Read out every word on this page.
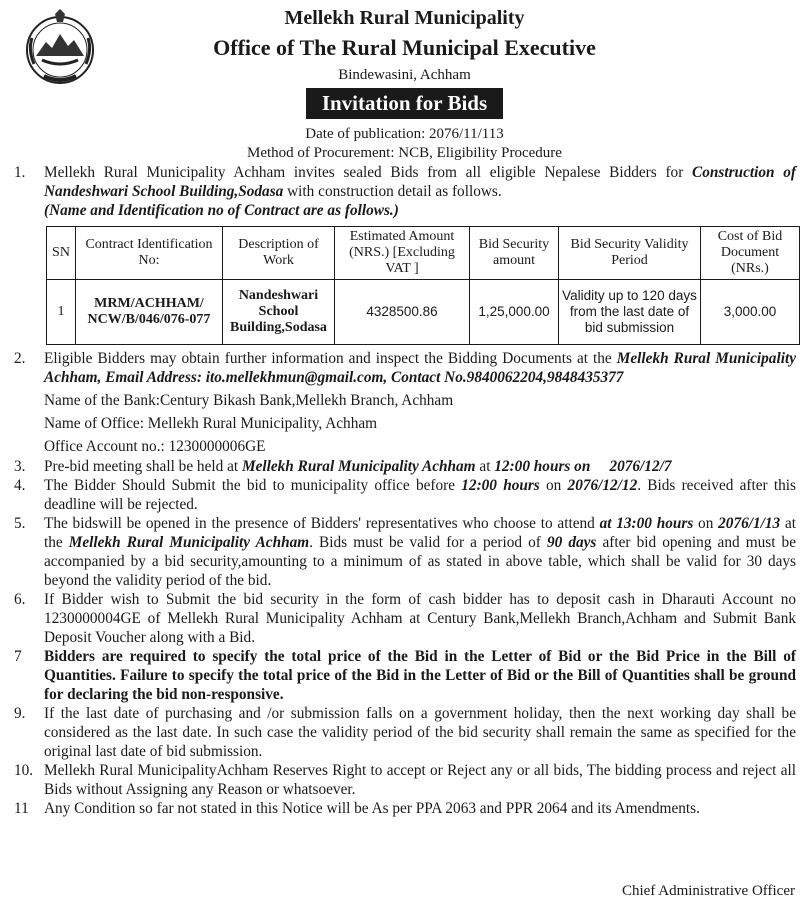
Mellekh Rural Municipality
Office of The Rural Municipal Executive
Bindewasini, Achham
Invitation for Bids
Date of publication: 2076/11/113
Method of Procurement: NCB, Eligibility Procedure
1.	Mellekh Rural Municipality Achham invites sealed Bids from all eligible Nepalese Bidders for Construction of Nandeshwari School Building,Sodasa with construction detail as follows.
(Name and Identification no of Contract are as follows.)
SN	Contract Identification No:	Description of Work	Estimated Amount (NRS.) [Excluding VAT ]	Bid Security amount	Bid Security Validity Period	Cost of Bid Document (NRs.)
1	MRM/ACHHAM/ NCW/B/046/076-077	Nandeshwari School Building,Sodasa	4328500.86	1,25,000.00	Validity up to 120 days from the last date of bid submission	3,000.00
2.	Eligible Bidders may obtain further information and inspect the Bidding Documents at the Mellekh Rural Municipality Achham, Email Address: ito.mellekhmun@gmail.com, Contact No.9840062204,9848435377
Name of the Bank:Century Bikash Bank,Mellekh Branch, Achham
Name of Office: Mellekh Rural Municipality, Achham
Office Account no.: 1230000006GE
3.	Pre-bid meeting shall be held at Mellekh Rural Municipality Achham at 12:00 hours on     2076/12/7
4.	The Bidder Should Submit the bid to municipality office before 12:00 hours on 2076/12/12. Bids received after this deadline will be rejected.
5.	The bidswill be opened in the presence of Bidders' representatives who choose to attend at 13:00 hours on 2076/1/13 at the Mellekh Rural Municipality Achham. Bids must be valid for a period of 90 days after bid opening and must be accompanied by a bid security,amounting to a minimum of as stated in above table, which shall be valid for 30 days beyond the validity period of the bid.
6.	If Bidder wish to Submit the bid security in the form of cash bidder has to deposit cash in Dharauti Account no 1230000004GE of Mellekh Rural Municipality Achham at Century Bank,Mellekh Branch,Achham and Submit Bank Deposit Voucher along with a Bid.
7	Bidders are required to specify the total price of the Bid in the Letter of Bid or the Bid Price in the Bill of Quantities. Failure to specify the total price of the Bid in the Letter of Bid or the Bill of Quantities shall be ground for declaring the bid non-responsive.
9.	If the last date of purchasing and /or submission falls on a government holiday, then the next working day shall be considered as the last date. In such case the validity period of the bid security shall remain the same as specified for the original last date of bid submission.
10. Mellekh Rural MunicipalityAchham Reserves Right to accept or Reject any or all bids, The bidding process and reject all Bids without Assigning any Reason or whatsoever.
11 Any Condition so far not stated in this Notice will be As per PPA 2063 and PPR 2064 and its Amendments.
Chief Administrative Officer
